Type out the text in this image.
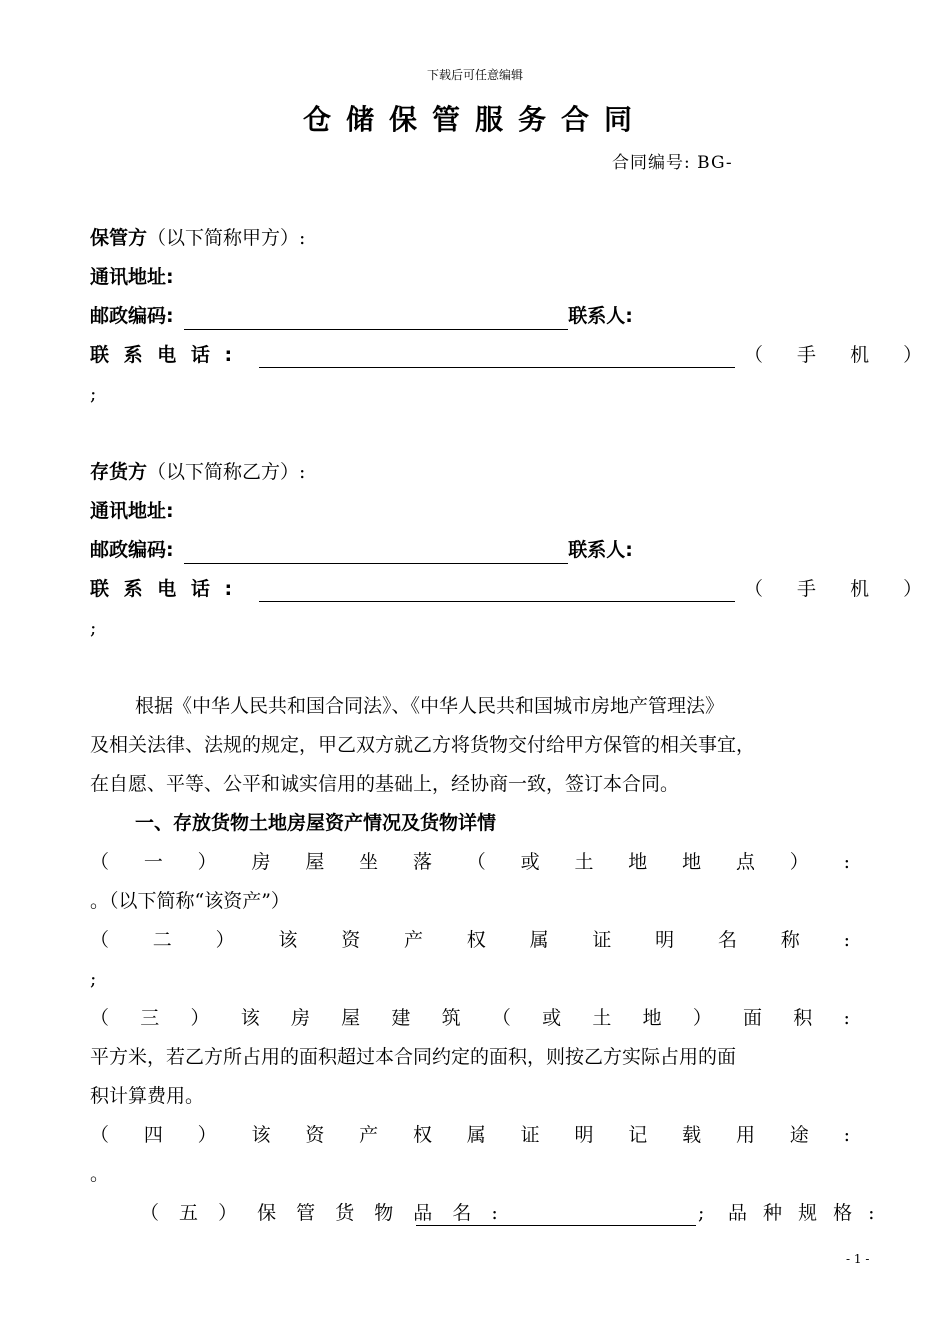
下载后可任意编辑
仓储保管服务合同
合同编号: BG-
保管方（以下简称甲方）:
通讯地址:
邮政编码:	联系人:
联 系 电 话 :	（ 手 机 ）
;
存货方（以下简称乙方）:
通讯地址:
邮政编码:	联系人:
联 系 电 话 :	（ 手 机 ）
;
根据《中华人民共和国合同法》、《中华人民共和国城市房地产管理法》
及相关法律、法规的规定，甲乙双方就乙方将货物交付给甲方保管的相关事宜，
在自愿、平等、公平和诚实信用的基础上，经协商一致，签订本合同。
一、存放货物土地房屋资产情况及货物详情
（ 一 ） 房 屋 坐 落 （ 或 土 地 地 点 ） :
。（以下简称“该资产”）
（ 二 ） 该 资 产 权 属 证 明 名 称 :
;
（ 三 ） 该 房 屋 建 筑 （ 或 土 地 ） 面 积 :
平方米，若乙方所占用的面积超过本合同约定的面积，则按乙方实际占用的面
积计算费用。
（ 四 ） 该 资 产 权 属 证 明 记 载 用 途 :
。
（ 五 ） 保 管 货 物 品 名 :	; 品 种 规 格 :
- 1 -
